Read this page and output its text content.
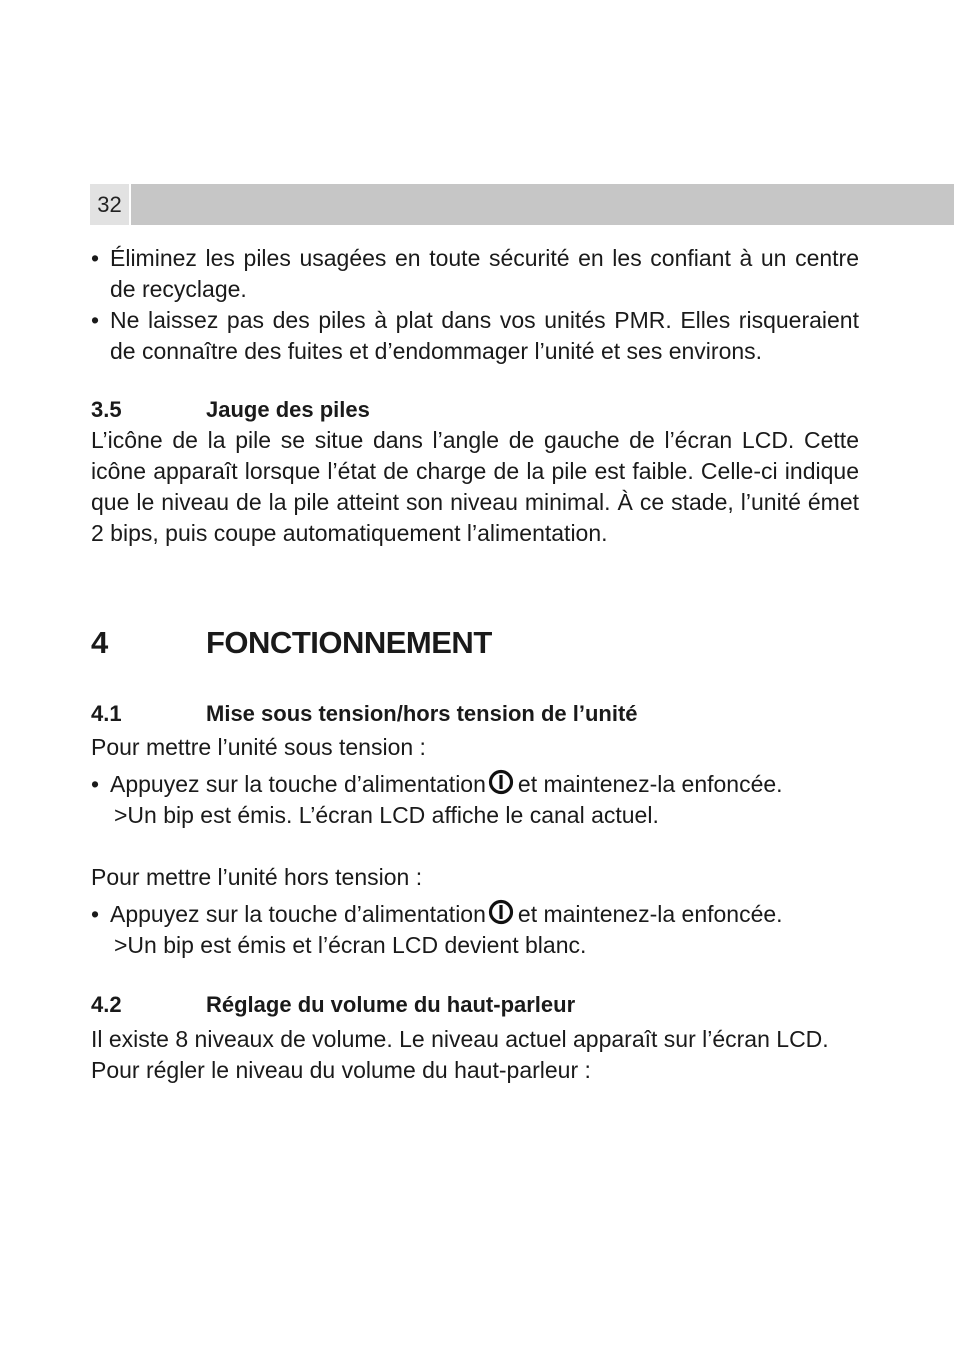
32

• Éliminez les piles usagées en toute sécurité en les confiant à un centre de recyclage.

• Ne laissez pas des piles à plat dans vos unités PMR. Elles risqueraient de connaître des fuites et d’endommager l’unité et ses environs.

3.5	Jauge des piles

L’icône de la pile se situe dans l’angle de gauche de l’écran LCD. Cette icône apparaît lorsque l’état de charge de la pile est faible. Celle-ci indique que le niveau de la pile atteint son niveau minimal. À ce stade, l’unité émet 2 bips, puis coupe automatiquement l’alimentation.

4	FONCTIONNEMENT
4.1	Mise sous tension/hors tension de l’unité

Pour mettre l’unité sous tension :

• Appuyez sur la touche d’alimentation et maintenez-la enfoncée.

>Un bip est émis. L’écran LCD affiche le canal actuel.

Pour mettre l’unité hors tension :

• Appuyez sur la touche d’alimentation et maintenez-la enfoncée.

>Un bip est émis et l’écran LCD devient blanc.

4.2	Réglage du volume du haut-parleur

Il existe 8 niveaux de volume. Le niveau actuel apparaît sur l’écran LCD.

Pour régler le niveau du volume du haut-parleur :
